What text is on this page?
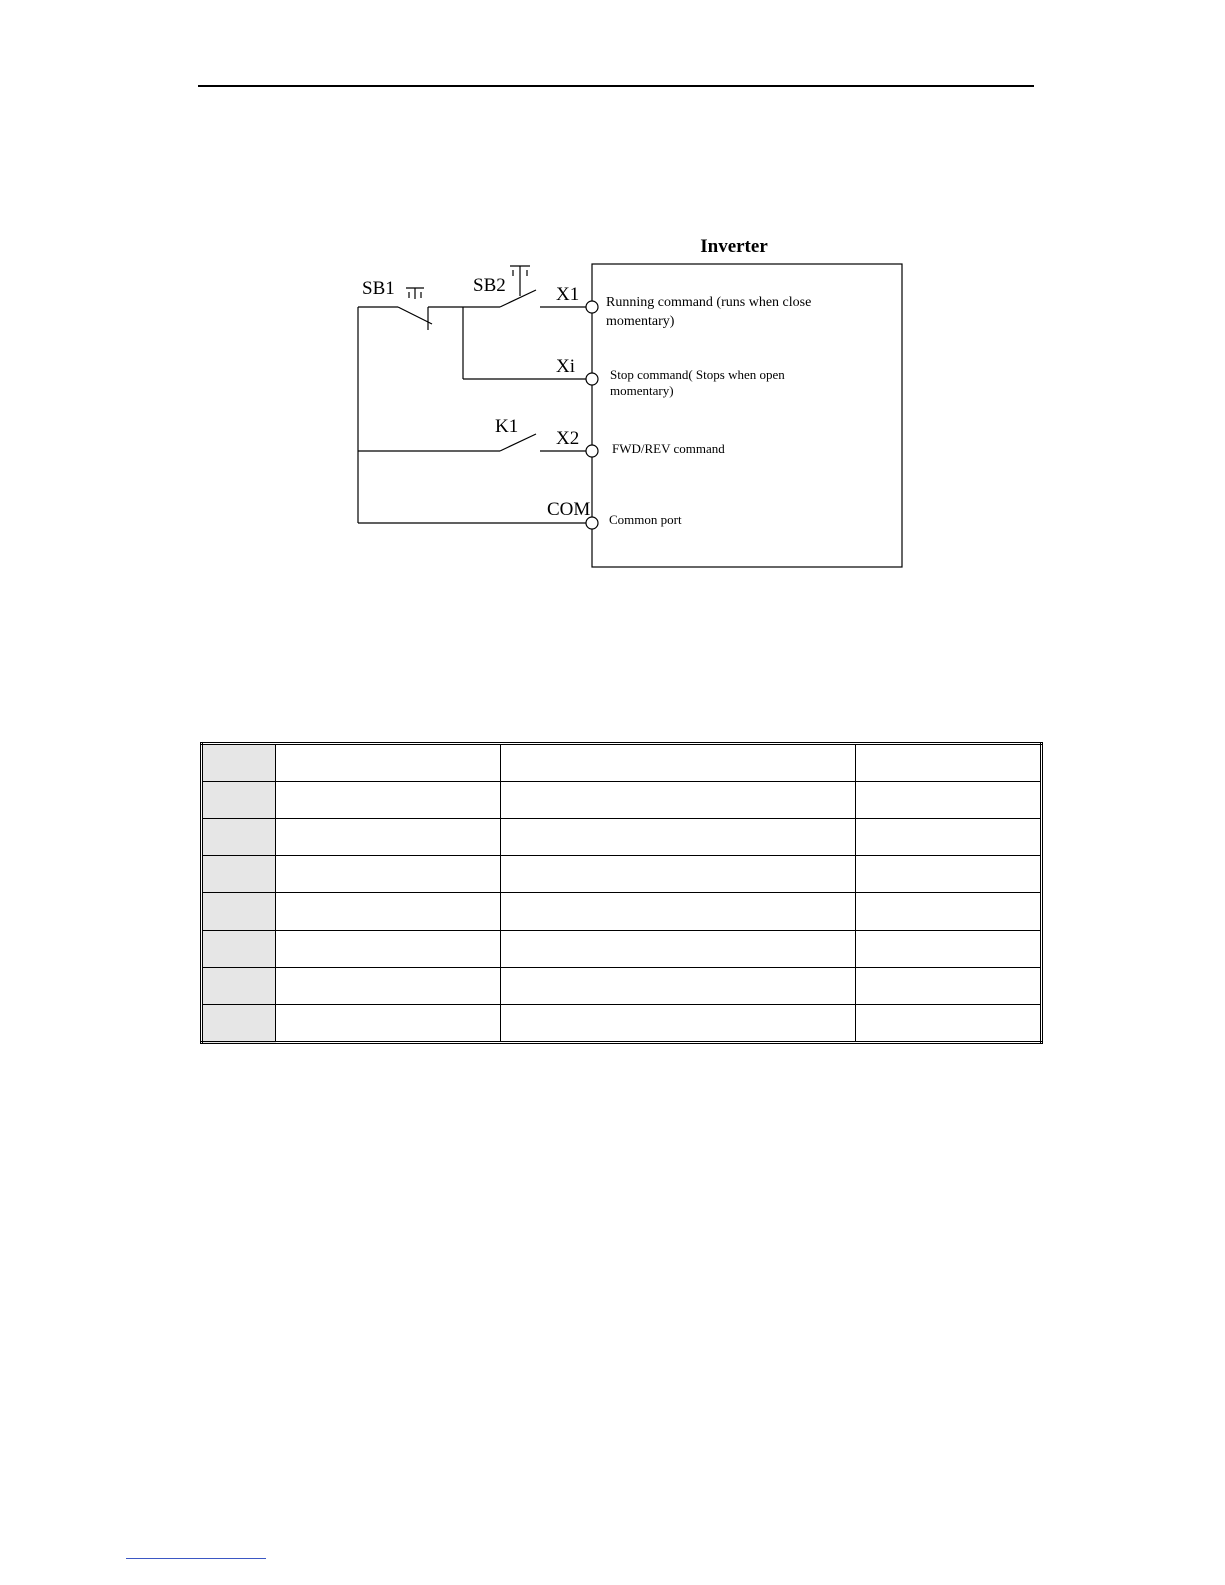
Inverter
SB1	SB2
K1
X1
Xi
X2
COM
Running command (runs when close
momentary)
Stop command( Stops when open
momentary)
FWD/REV command
Common port
